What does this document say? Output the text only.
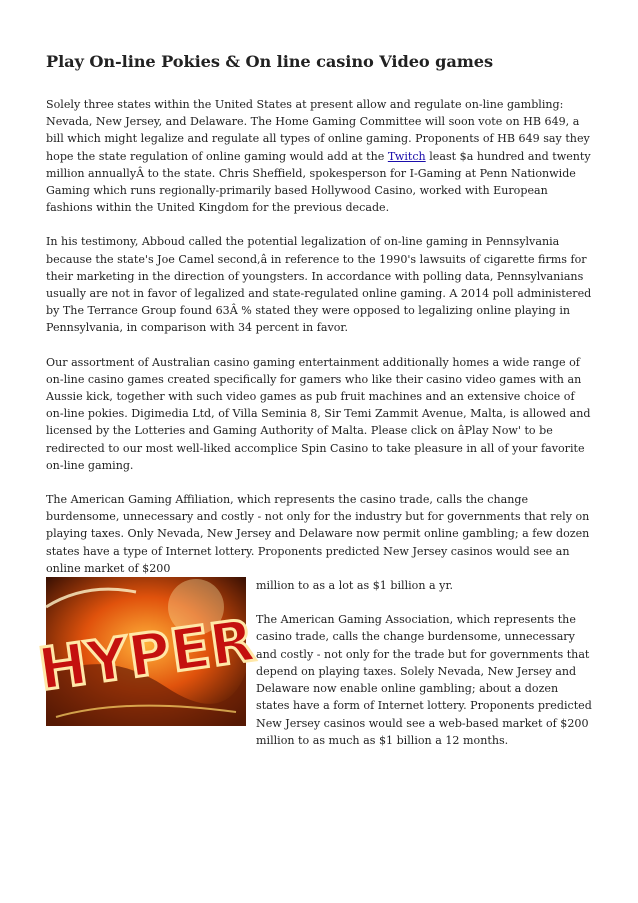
Play On-line Pokies & On line casino Video games

Solely three states within the United States at present allow and regulate on-line gambling: Nevada, New Jersey, and Delaware. The Home Gaming Committee will soon vote on HB 649, a bill which might legalize and regulate all types of online gaming. Proponents of HB 649 say they hope the state regulation of online gaming would add at the Twitch least $a hundred and twenty million annuallyÂ to the state. Chris Sheffield, spokesperson for I-Gaming at Penn Nationwide Gaming which runs regionally-primarily based Hollywood Casino, worked with European fashions within the United Kingdom for the previous decade.

In his testimony, Abboud called the potential legalization of on-line gaming in Pennsylvania because the state's Joe Camel second,â in reference to the 1990's lawsuits of cigarette firms for their marketing in the direction of youngsters. In accordance with polling data, Pennsylvanians usually are not in favor of legalized and state-regulated online gaming. A 2014 poll administered by The Terrance Group found 63Â % stated they were opposed to legalizing online playing in Pennsylvania, in comparison with 34 percent in favor.

Our assortment of Australian casino gaming entertainment additionally homes a wide range of on-line casino games created specifically for gamers who like their casino video games with an Aussie kick, together with such video games as pub fruit machines and an extensive choice of on-line pokies. Digimedia Ltd, of Villa Seminia 8, Sir Temi Zammit Avenue, Malta, is allowed and licensed by the Lotteries and Gaming Authority of Malta. Please click on âPlay Now' to be redirected to our most well-liked accomplice Spin Casino to take pleasure in all of your favorite on-line gaming.

The American Gaming Affiliation, which represents the casino trade, calls the change burdensome, unnecessary and costly - not only for the industry but for governments that rely on playing taxes. Only Nevada, New Jersey and Delaware now permit online gambling; a few dozen states have a type of Internet lottery. Proponents predicted New Jersey casinos would see an online market of $200

HYPER

million to as a lot as $1 billion a yr.

The American Gaming Association, which represents the casino trade, calls the change burdensome, unnecessary and costly - not only for the trade but for governments that depend on playing taxes. Solely Nevada, New Jersey and Delaware now enable online gambling; about a dozen states have a form of Internet lottery. Proponents predicted New Jersey casinos would see a web-based market of $200 million to as much as $1 billion a 12 months.
